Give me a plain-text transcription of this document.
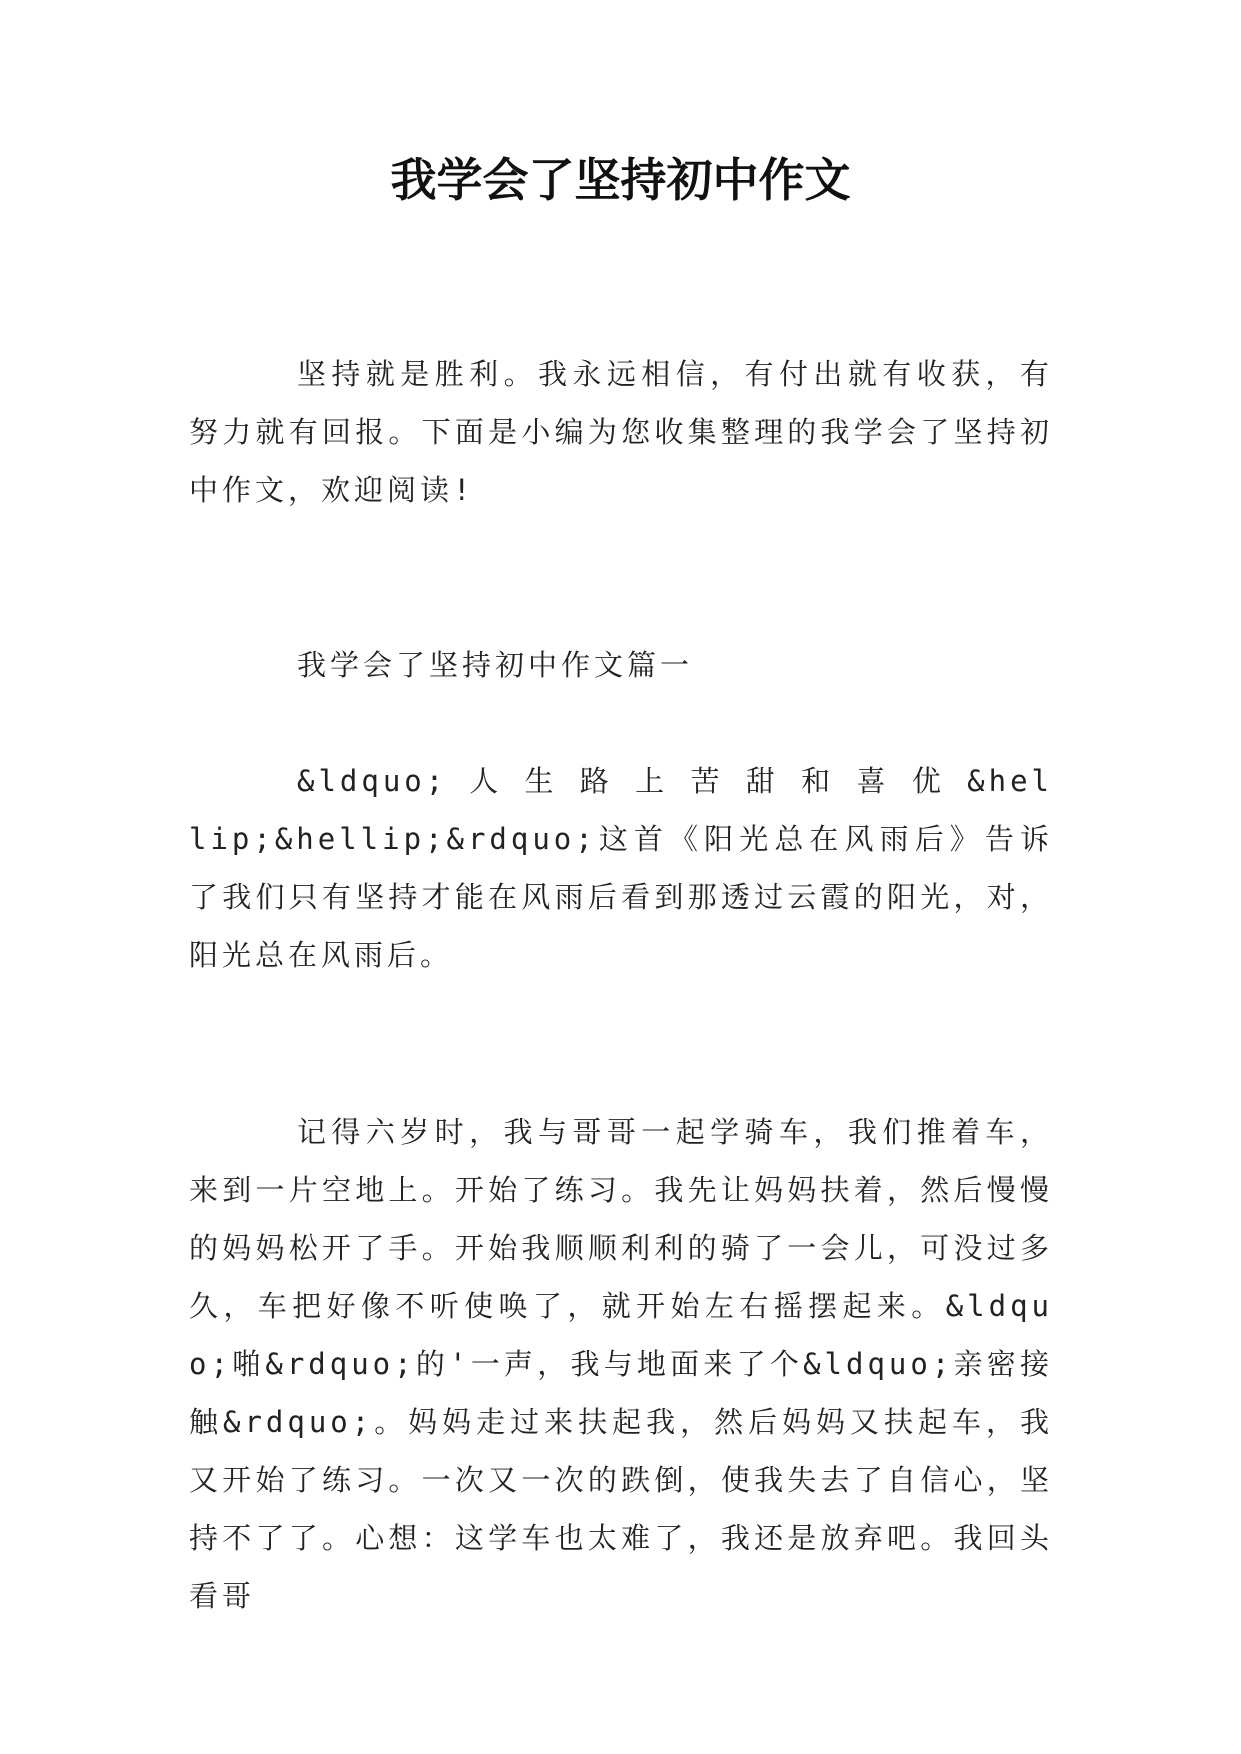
我学会了坚持初中作文

坚持就是胜利。我永远相信，有付出就有收获，有努力就有回报。下面是小编为您收集整理的我学会了坚持初中作文，欢迎阅读!

我学会了坚持初中作文篇一

&ldquo; 人 生 路 上 苦 甜 和 喜 优 &hellip;&hellip;&rdquo;这首《阳光总在风雨后》告诉了我们只有坚持才能在风雨后看到那透过云霞的阳光，对，阳光总在风雨后。

记得六岁时，我与哥哥一起学骑车，我们推着车，来到一片空地上。开始了练习。我先让妈妈扶着，然后慢慢的妈妈松开了手。开始我顺顺利利的骑了一会儿，可没过多久，车把好像不听使唤了，就开始左右摇摆起来。&ldquo;啪&rdquo;的'一声，我与地面来了个&ldquo;亲密接触&rdquo;。妈妈走过来扶起我，然后妈妈又扶起车，我又开始了练习。一次又一次的跌倒，使我失去了自信心，坚持不了了。心想：这学车也太难了，我还是放弃吧。我回头看哥
